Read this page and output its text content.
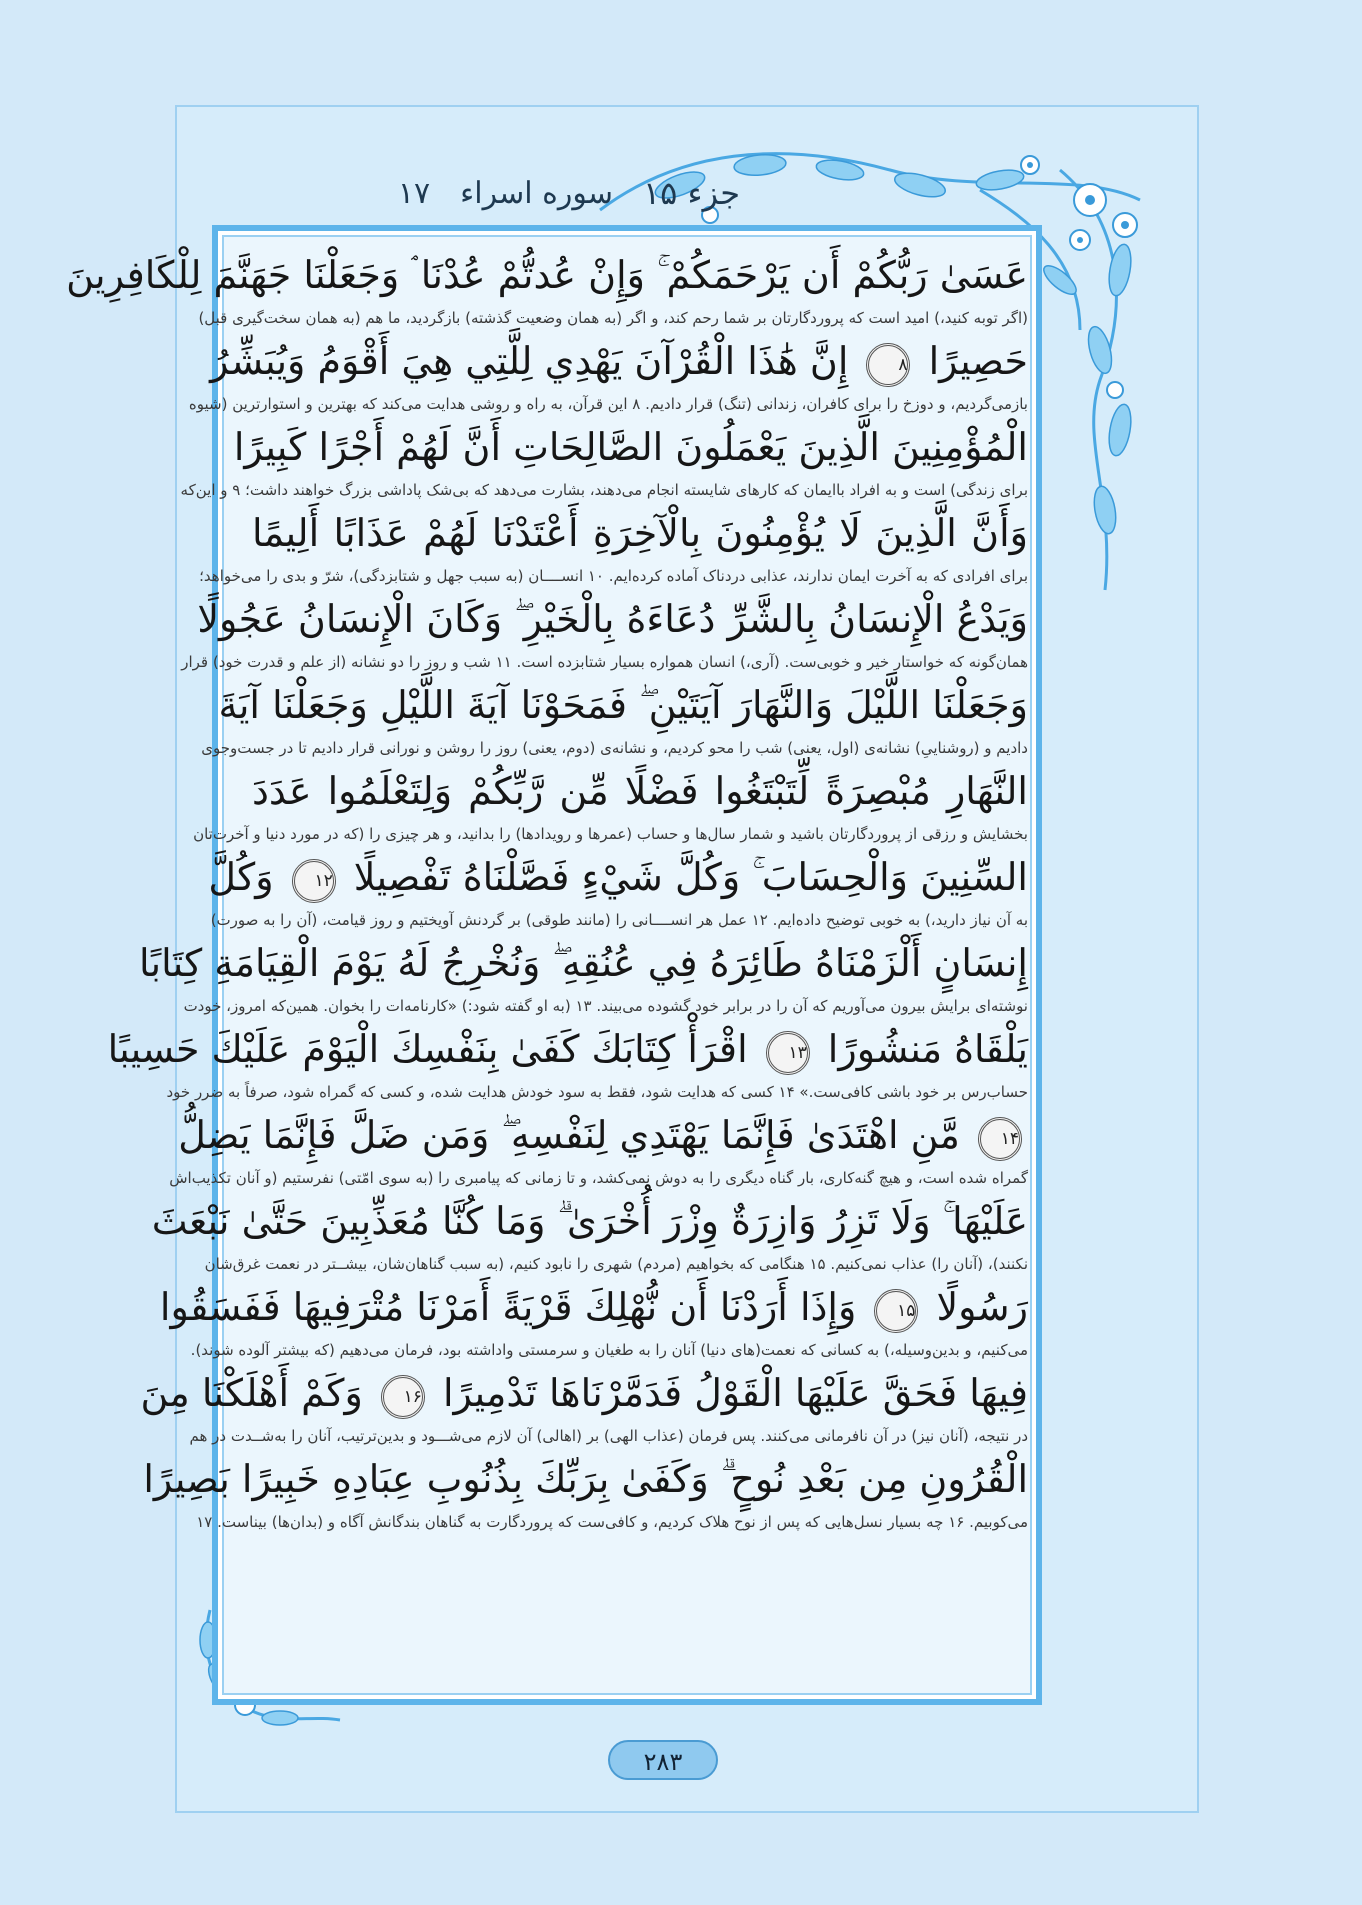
جزء ۱۵
سوره اسراء
۱۷
عَسَىٰ رَبُّكُمْ أَن يَرْحَمَكُمْ ۚ وَإِنْ عُدتُّمْ عُدْنَا ۘ وَجَعَلْنَا جَهَنَّمَ لِلْكَافِرِينَ
(اگر توبه کنید،) امید است که پروردگارتان بر شما رحم کند، و اگر (به همان وضعیت گذشته) بازگردید، ما هم (به همان سخت‌گیری قبل)
حَصِيرًا ۸ إِنَّ هَٰذَا الْقُرْآنَ يَهْدِي لِلَّتِي هِيَ أَقْوَمُ وَيُبَشِّرُ
بازمی‌گردیم، و دوزخ را برای کافران، زندانی (تنگ) قرار دادیم. ۸ این قرآن، به راه و روشی هدایت می‌کند که بهترین و استوارترین (شیوه
الْمُؤْمِنِينَ الَّذِينَ يَعْمَلُونَ الصَّالِحَاتِ أَنَّ لَهُمْ أَجْرًا كَبِيرًا
برای زندگی) است و به افراد باایمان که کارهای شایسته انجام می‌دهند، بشارت می‌دهد که بی‌شک پاداشی بزرگ خواهند داشت؛ ۹ و این‌که
وَأَنَّ الَّذِينَ لَا يُؤْمِنُونَ بِالْآخِرَةِ أَعْتَدْنَا لَهُمْ عَذَابًا أَلِيمًا
برای افرادی که به آخرت ایمان ندارند، عذابی دردناک آماده کرده‌ایم. ۱۰ انســــان (به سبب جهل و شتابزدگی)، شرّ و بدی را می‌خواهد؛
وَيَدْعُ الْإِنسَانُ بِالشَّرِّ دُعَاءَهُ بِالْخَيْرِ ۖ وَكَانَ الْإِنسَانُ عَجُولًا
همان‌گونه که خواستار خیر و خوبی‌ست. (آری،) انسان همواره بسیار شتابزده است. ۱۱ شب و روز را دو نشانه (از علم و قدرت خود) قرار
وَجَعَلْنَا اللَّيْلَ وَالنَّهَارَ آيَتَيْنِ ۖ فَمَحَوْنَا آيَةَ اللَّيْلِ وَجَعَلْنَا آيَةَ
دادیم و (روشناییِ) نشانه‌ی (اول، یعنی) شب را محو کردیم، و نشانه‌ی (دوم، یعنی) روز را روشن و نورانی قرار دادیم تا در جست‌وجوی
النَّهَارِ مُبْصِرَةً لِّتَبْتَغُوا فَضْلًا مِّن رَّبِّكُمْ وَلِتَعْلَمُوا عَدَدَ
بخشایش و رزقی از پروردگارتان باشید و شمار سال‌ها و حساب (عمرها و رویدادها) را بدانید، و هر چیزی را (که در مورد دنیا و آخرت‌تان
السِّنِينَ وَالْحِسَابَ ۚ وَكُلَّ شَيْءٍ فَصَّلْنَاهُ تَفْصِيلًا ۱۲ وَكُلَّ
به آن نیاز دارید،) به خوبی توضیح داده‌ایم. ۱۲ عمل هر انســــانی را (مانند طوقی) بر گردنش آویختیم و روز قیامت، (آن را به صورت)
إِنسَانٍ أَلْزَمْنَاهُ طَائِرَهُ فِي عُنُقِهِ ۖ وَنُخْرِجُ لَهُ يَوْمَ الْقِيَامَةِ كِتَابًا
نوشته‌ای برایش بیرون می‌آوریم که آن را در برابر خود گشوده می‌بیند. ۱۳ (به او گفته شود:) «کارنامه‌ات را بخوان. همین‌که امروز، خودت
يَلْقَاهُ مَنشُورًا ۱۳ اقْرَأْ كِتَابَكَ كَفَىٰ بِنَفْسِكَ الْيَوْمَ عَلَيْكَ حَسِيبًا
حساب‌رس بر خود باشی کافی‌ست.» ۱۴ کسی که هدایت شود، فقط به سود خودش هدایت شده، و کسی که گمراه شود، صرفاً به ضرر خود
۱۴ مَّنِ اهْتَدَىٰ فَإِنَّمَا يَهْتَدِي لِنَفْسِهِ ۖ وَمَن ضَلَّ فَإِنَّمَا يَضِلُّ
گمراه شده است، و هیچ گنه‌کاری، بار گناه دیگری را به دوش نمی‌کشد، و تا زمانی که پیامبری را (به سوی امّتی) نفرستیم (و آنان تکذیب‌اش
عَلَيْهَا ۚ وَلَا تَزِرُ وَازِرَةٌ وِزْرَ أُخْرَىٰ ۗ وَمَا كُنَّا مُعَذِّبِينَ حَتَّىٰ نَبْعَثَ
نکنند)، (آنان را) عذاب نمی‌کنیم. ۱۵ هنگامی که بخواهیم (مردم) شهری را نابود کنیم، (به سبب گناهان‌شان، بیشــتر در نعمت غرق‌شان
رَسُولًا ۱۵ وَإِذَا أَرَدْنَا أَن نُّهْلِكَ قَرْيَةً أَمَرْنَا مُتْرَفِيهَا فَفَسَقُوا
می‌کنیم، و بدین‌وسیله،) به کسانی که نعمت(های دنیا) آنان را به طغیان و سرمستی واداشته بود، فرمان می‌دهیم (که بیشتر آلوده شوند).
فِيهَا فَحَقَّ عَلَيْهَا الْقَوْلُ فَدَمَّرْنَاهَا تَدْمِيرًا ۱۶ وَكَمْ أَهْلَكْنَا مِنَ
در نتیجه، (آنان نیز) در آن نافرمانی می‌کنند. پس فرمان (عذاب الهی) بر (اهالی) آن لازم می‌شـــود و بدین‌ترتیب، آنان را به‌شــدت در هم
الْقُرُونِ مِن بَعْدِ نُوحٍ ۗ وَكَفَىٰ بِرَبِّكَ بِذُنُوبِ عِبَادِهِ خَبِيرًا بَصِيرًا
می‌کوبیم. ۱۶ چه بسیار نسل‌هایی که پس از نوح هلاک کردیم، و کافی‌ست که پروردگارت به گناهان بندگانش آگاه و (بدان‌ها) بیناست. ۱۷
۲۸۳
